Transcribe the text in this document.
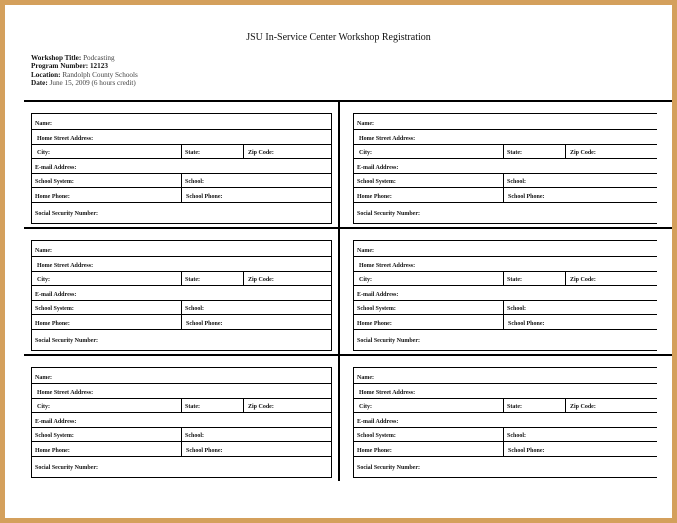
JSU In-Service Center Workshop Registration
Workshop Title: Podcasting
Program Number: 12123
Location: Randolph County Schools
Date: June 15, 2009 (6 hours credit)
Name:
Home Street Address:
City:	State:	Zip Code:
E-mail Address:
School System:	School:
Home Phone:	School Phone:
Social Security Number:
Name:
Home Street Address:
City:	State:	Zip Code:
E-mail Address:
School System:	School:
Home Phone:	School Phone:
Social Security Number:
Name:
Home Street Address:
City:	State:	Zip Code:
E-mail Address:
School System:	School:
Home Phone:	School Phone:
Social Security Number:
Name:
Home Street Address:
City:	State:	Zip Code:
E-mail Address:
School System:	School:
Home Phone:	School Phone:
Social Security Number:
Name:
Home Street Address:
City:	State:	Zip Code:
E-mail Address:
School System:	School:
Home Phone:	School Phone:
Social Security Number:
Name:
Home Street Address:
City:	State:	Zip Code:
E-mail Address:
School System:	School:
Home Phone:	School Phone:
Social Security Number:
